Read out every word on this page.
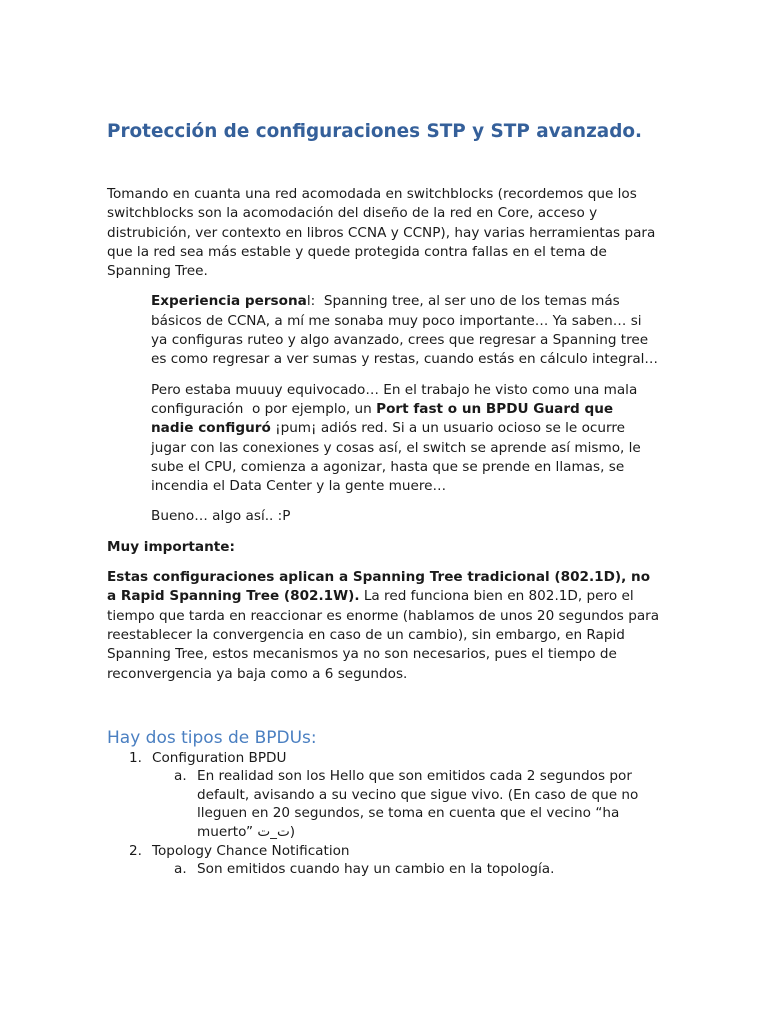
Protección de configuraciones STP y STP avanzado.

Tomando en cuanta una red acomodada en switchblocks (recordemos que los switchblocks son la acomodación del diseño de la red en Core, acceso y distrubición, ver contexto en libros CCNA y CCNP), hay varias herramientas para que la red sea más estable y quede protegida contra fallas en el tema de Spanning Tree.

Experiencia personal:  Spanning tree, al ser uno de los temas más básicos de CCNA, a mí me sonaba muy poco importante… Ya saben… si ya configuras ruteo y algo avanzado, crees que regresar a Spanning tree es como regresar a ver sumas y restas, cuando estás en cálculo integral…

Pero estaba muuuy equivocado… En el trabajo he visto como una mala configuración  o por ejemplo, un Port fast o un BPDU Guard que nadie configuró ¡pum¡ adiós red. Si a un usuario ocioso se le ocurre jugar con las conexiones y cosas así, el switch se aprende así mismo, le sube el CPU, comienza a agonizar, hasta que se prende en llamas, se incendia el Data Center y la gente muere…

Bueno… algo así.. :P

Muy importante:

Estas configuraciones aplican a Spanning Tree tradicional (802.1D), no a Rapid Spanning Tree (802.1W). La red funciona bien en 802.1D, pero el tiempo que tarda en reaccionar es enorme (hablamos de unos 20 segundos para reestablecer la convergencia en caso de un cambio), sin embargo, en Rapid Spanning Tree, estos mecanismos ya no son necesarios, pues el tiempo de reconvergencia ya baja como a 6 segundos.

Hay dos tipos de BPDUs:
1. Configuration BPDU
a. En realidad son los Hello que son emitidos cada 2 segundos por default, avisando a su vecino que sigue vivo. (En caso de que no lleguen en 20 segundos, se toma en cuenta que el vecino “ha muerto” ت_ت)
2. Topology Chance Notification
a. Son emitidos cuando hay un cambio en la topología.
